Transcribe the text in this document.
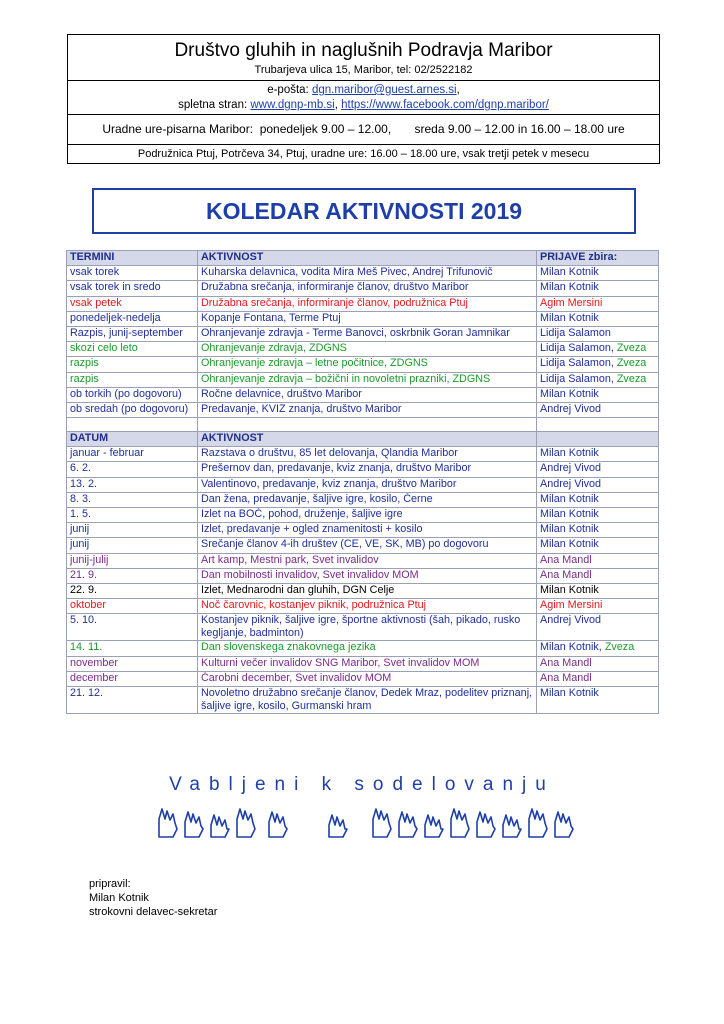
Društvo gluhih in naglušnih Podravja Maribor
Trubarjeva ulica 15, Maribor, tel: 02/2522182
e-pošta: dgn.maribor@guest.arnes.si,
spletna stran: www.dgnp-mb.si, https://www.facebook.com/dgnp.maribor/
Uradne ure-pisarna Maribor:  ponedeljek 9.00 – 12.00,       sreda 9.00 – 12.00 in 16.00 – 18.00 ure
Podružnica Ptuj, Potrčeva 34, Ptuj, uradne ure: 16.00 – 18.00 ure, vsak tretji petek v mesecu
KOLEDAR AKTIVNOSTI 2019
TERMINI	AKTIVNOST	PRIJAVE zbira:
vsak torek	Kuharska delavnica, vodita Mira Meš Pivec, Andrej Trifunovič	Milan Kotnik
vsak torek in sredo	Družabna srečanja, informiranje članov, društvo Maribor	Milan Kotnik
vsak petek	Družabna srečanja, informiranje članov, podružnica Ptuj	Agim Mersini
ponedeljek-nedelja	Kopanje Fontana, Terme Ptuj	Milan Kotnik
Razpis, junij-september	Ohranjevanje zdravja - Terme Banovci, oskrbnik Goran Jamnikar	Lidija Salamon
skozi celo leto	Ohranjevanje zdravja, ZDGNS	Lidija Salamon, Zveza
razpis	Ohranjevanje zdravja – letne počitnice, ZDGNS	Lidija Salamon, Zveza
razpis	Ohranjevanje zdravja – božični in novoletni prazniki, ZDGNS	Lidija Salamon, Zveza
ob torkih (po dogovoru)	Ročne delavnice, društvo Maribor	Milan Kotnik
ob sredah (po dogovoru)	Predavanje, KVIZ znanja, društvo Maribor	Andrej Vivod

DATUM	AKTIVNOST	
januar - februar	Razstava o društvu, 85 let delovanja, Qlandia Maribor	Milan Kotnik
6. 2.	Prešernov dan, predavanje, kviz znanja, društvo Maribor	Andrej Vivod
13. 2.	Valentinovo, predavanje, kviz znanja, društvo Maribor	Andrej Vivod
8. 3.	Dan žena, predavanje, šaljive igre, kosilo, Černe	Milan Kotnik
1. 5.	Izlet na BOČ, pohod, druženje, šaljive igre	Milan Kotnik
junij	Izlet, predavanje + ogled znamenitosti + kosilo	Milan Kotnik
junij	Srečanje članov 4-ih društev (CE, VE, SK, MB) po dogovoru	Milan Kotnik
junij-julij	Art kamp, Mestni park, Svet invalidov	Ana Mandl
21. 9.	Dan mobilnosti invalidov, Svet invalidov MOM	Ana Mandl
22. 9.	Izlet, Mednarodni dan gluhih, DGN Celje	Milan Kotnik
oktober	Noč čarovnic, kostanjev piknik, podružnica Ptuj	Agim Mersini
5. 10.	Kostanjev piknik, šaljive igre, športne aktivnosti (šah, pikado, rusko kegljanje, badminton)	Andrej Vivod
14. 11.	Dan slovenskega znakovnega jezika	Milan Kotnik, Zveza
november	Kulturni večer invalidov SNG Maribor, Svet invalidov MOM	Ana Mandl
december	Čarobni december, Svet invalidov MOM	Ana Mandl
21. 12.	Novoletno družabno srečanje članov, Dedek Mraz, podelitev priznanj, šaljive igre, kosilo, Gurmanski hram	Milan Kotnik
Vabljeni k sodelovanju
pripravil:
Milan Kotnik
strokovni delavec-sekretar
